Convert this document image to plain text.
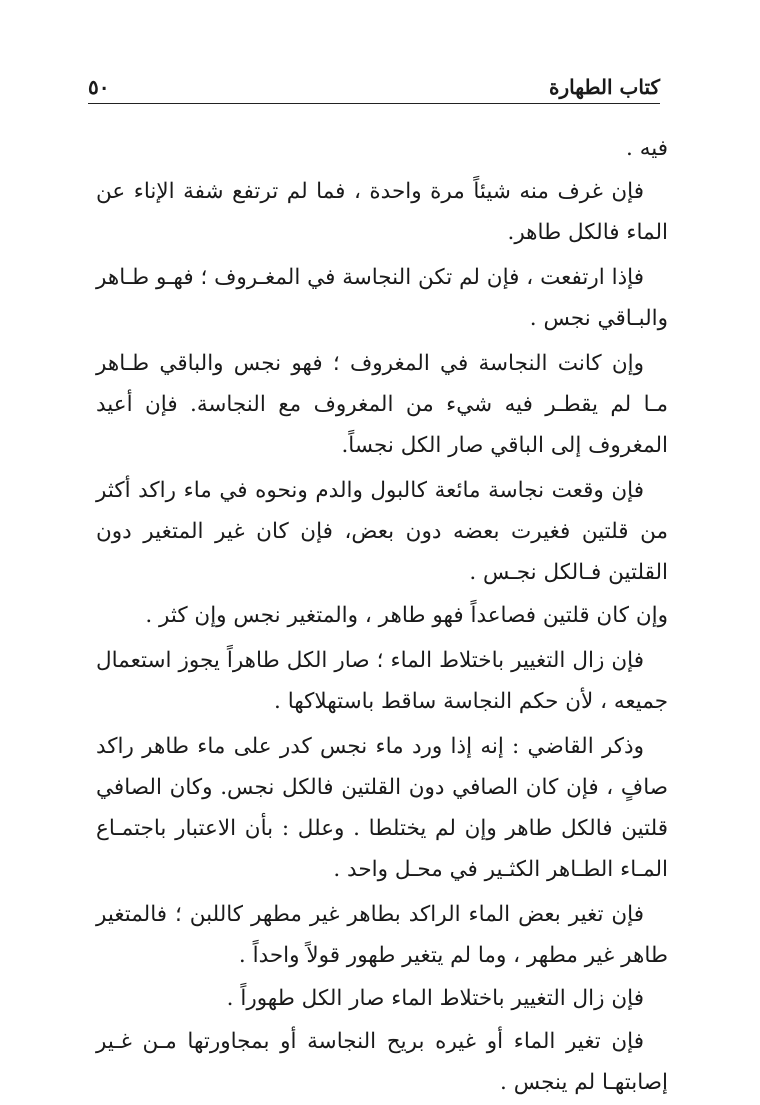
كتاب الطهارة
٥٠

فيه .

فإن غرف منه شيئاً مرة واحدة ، فما لم ترتفع شفة الإناء عن الماء فالكل طاهر.

فإذا ارتفعت ، فإن لم تكن النجاسة في المغـروف ؛ فهـو طـاهر والبـاقي نجس .

وإن كانت النجاسة في المغروف ؛ فهو نجس والباقي طـاهر مـا لم يقطـر فيه شيء من المغروف مع النجاسة. فإن أعيد المغروف إلى الباقي صار الكل نجساً.

فإن وقعت نجاسة مائعة كالبول والدم ونحوه في ماء راكد أكثر من قلتين فغيرت بعضه دون بعض، فإن كان غير المتغير دون القلتين فـالكل نجـس .

وإن كان قلتين فصاعداً فهو طاهر ، والمتغير نجس وإن كثر .

فإن زال التغيير باختلاط الماء ؛ صار الكل طاهراً يجوز استعمال جميعه ، لأن حكم النجاسة ساقط باستهلاكها .

وذكر القاضي : إنه إذا ورد ماء نجس كدر على ماء طاهر راكد صافٍ ، فإن كان الصافي دون القلتين فالكل نجس. وكان الصافي قلتين فالكل طاهر وإن لم يختلطا . وعلل : بأن الاعتبار باجتمـاع المـاء الطـاهر الكثـير في محـل واحد .

فإن تغير بعض الماء الراكد بطاهر غير مطهر كاللبن ؛ فالمتغير طاهر غير مطهر ، وما لم يتغير طهور قولاً واحداً .

فإن زال التغيير باختلاط الماء صار الكل طهوراً .

فإن تغير الماء أو غيره بريح النجاسة أو بمجاورتها مـن غـير إصابتهـا لم ينجس .
